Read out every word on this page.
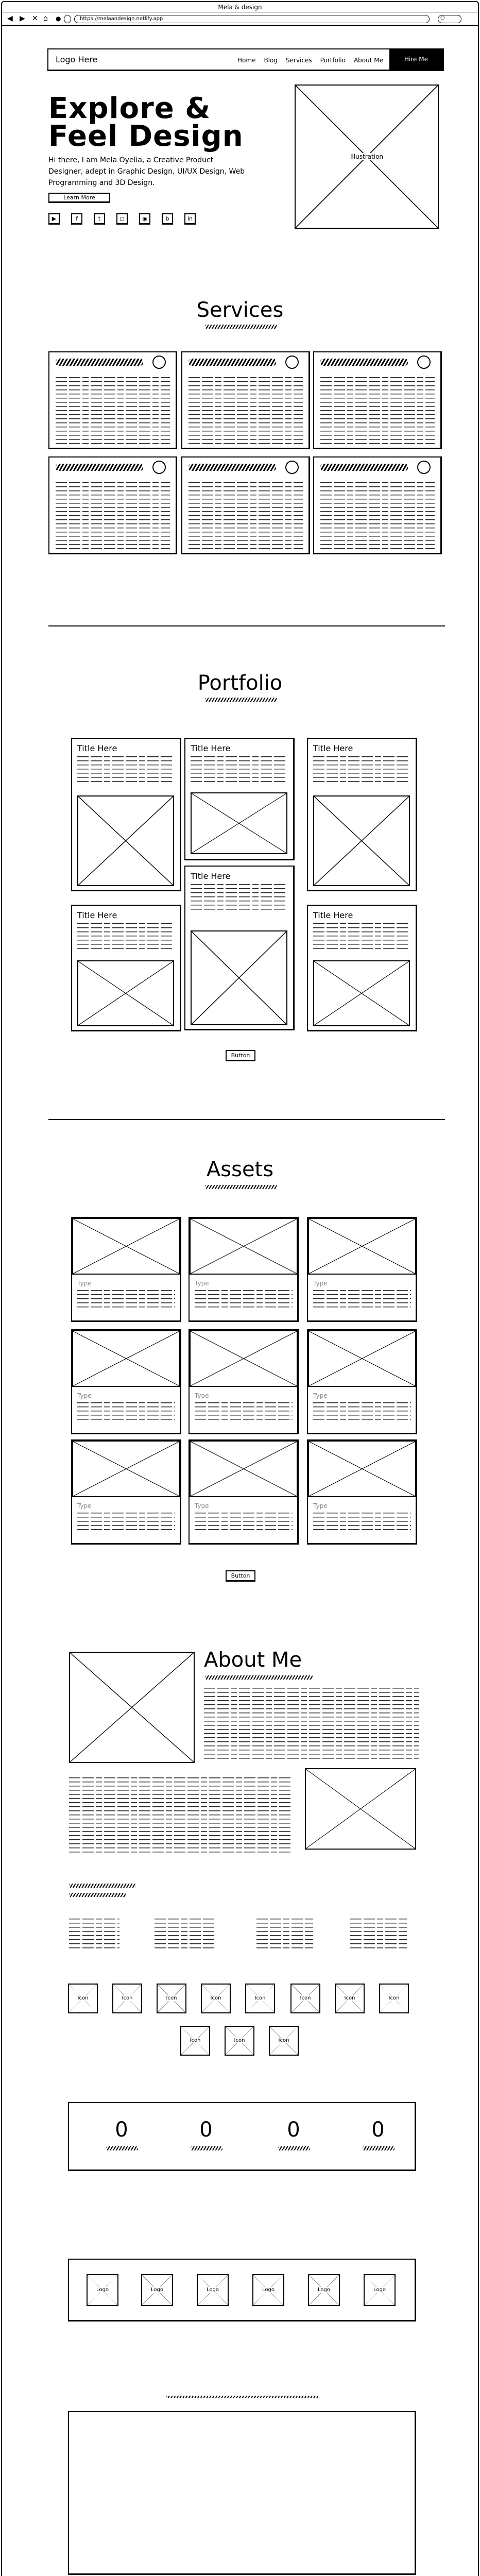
Mela & design
◀ ▶ ✕ ⌂ ●	https://melaandesign.netlify.app	○
Logo Here	Home Blog Services Portfolio About Me	Hire Me
Explore &
Feel Design
Hi there, I am Mela Oyelia, a Creative Product Designer, adept in Graphic Design, UI/UX Design, Web Programming and 3D Design.
Learn More
▶	f	t	◻	◉	b	in
Illustration
Services
Portfolio
Button
Assets
Button
About Me
0	0	0	0
Logo	Logo	Logo	Logo	Logo	Logo
Title Here	Title Here	Title Here
Title Here
Title Here
Title Here
Type	Type	Type
Type	Type	Type
Type	Type	Type
Icon	Icon	Icon	Icon	Icon	Icon	Icon	Icon
Icon	Icon	Icon
